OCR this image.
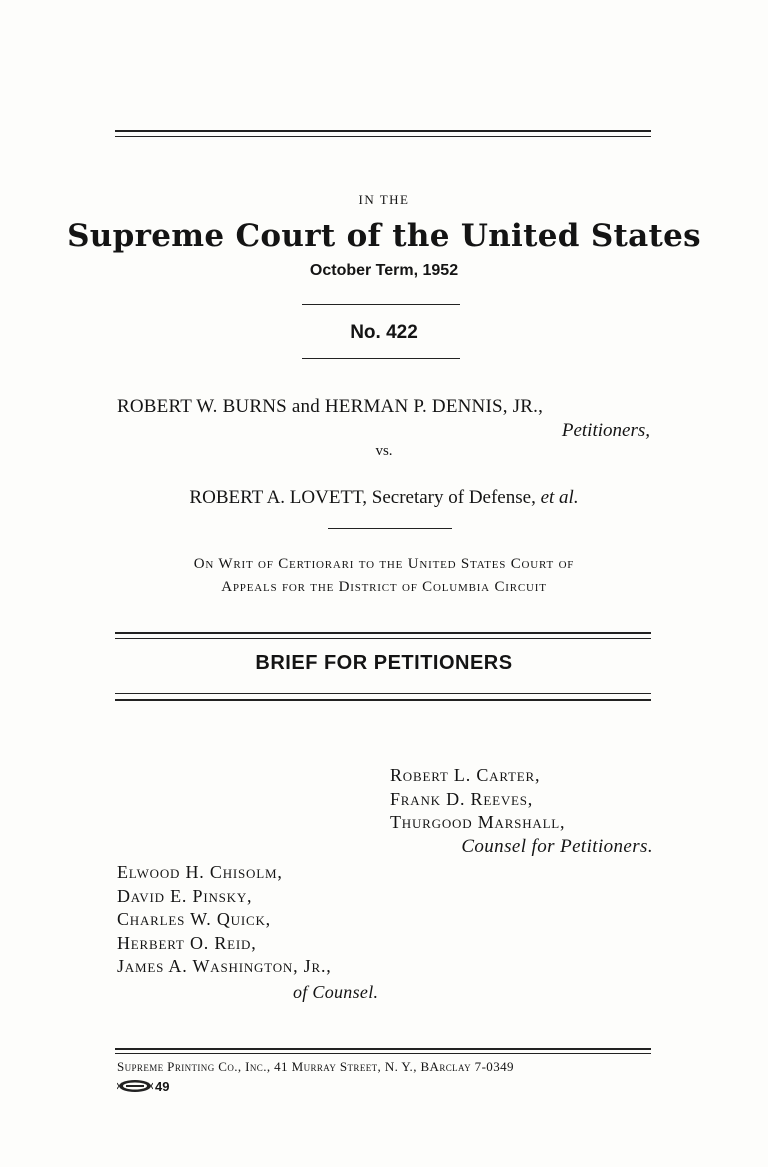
IN THE
Supreme Court of the United States
October Term, 1952
No. 422
ROBERT W. BURNS and HERMAN P. DENNIS, JR.,
Petitioners,
vs.
ROBERT A. LOVETT, Secretary of Defense, et al.
On Writ of Certiorari to the United States Court of
Appeals for the District of Columbia Circuit
BRIEF FOR PETITIONERS
Robert L. Carter,
Frank D. Reeves,
Thurgood Marshall,
Counsel for Petitioners.
Elwood H. Chisolm,
David E. Pinsky,
Charles W. Quick,
Herbert O. Reid,
James A. Washington, Jr.,
of Counsel.
Supreme Printing Co., Inc., 41 Murray Street, N. Y., BArclay 7-0349
49
